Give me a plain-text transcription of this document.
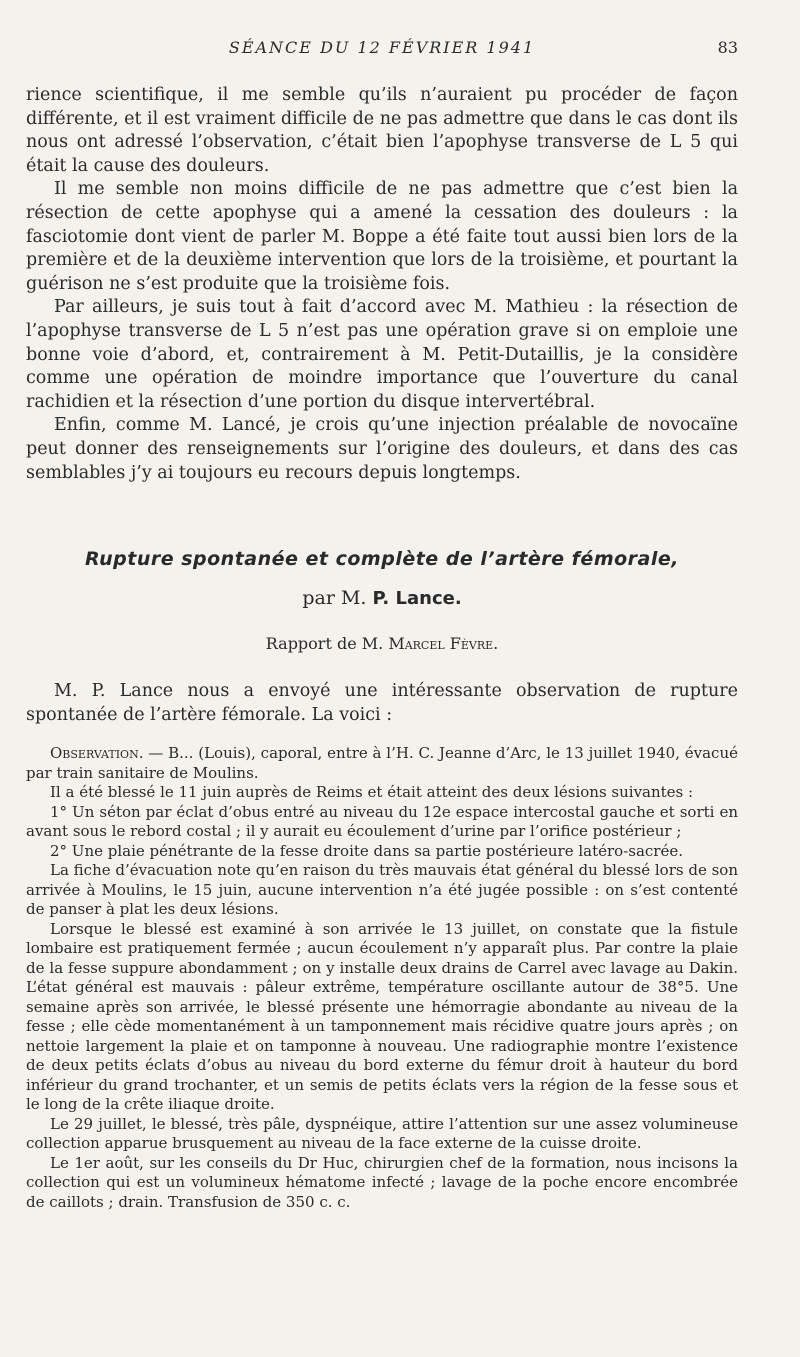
SÉANCE DU 12 FÉVRIER 1941	83

rience scientifique, il me semble qu’ils n’auraient pu procéder de façon différente, et il est vraiment difficile de ne pas admettre que dans le cas dont ils nous ont adressé l’observation, c’était bien l’apophyse transverse de L 5 qui était la cause des douleurs.

Il me semble non moins difficile de ne pas admettre que c’est bien la résection de cette apophyse qui a amené la cessation des douleurs : la fasciotomie dont vient de parler M. Boppe a été faite tout aussi bien lors de la première et de la deuxième intervention que lors de la troisième, et pourtant la guérison ne s’est produite que la troisième fois.

Par ailleurs, je suis tout à fait d’accord avec M. Mathieu : la résection de l’apophyse transverse de L 5 n’est pas une opération grave si on emploie une bonne voie d’abord, et, contrairement à M. Petit-Dutaillis, je la considère comme une opération de moindre importance que l’ouverture du canal rachidien et la résection d’une portion du disque intervertébral.

Enfin, comme M. Lancé, je crois qu’une injection préalable de novocaïne peut donner des renseignements sur l’origine des douleurs, et dans des cas semblables j’y ai toujours eu recours depuis longtemps.

Rupture spontanée et complète de l’artère fémorale,
par M. P. Lance.
Rapport de M. Marcel Fèvre.

M. P. Lance nous a envoyé une intéressante observation de rupture spontanée de l’artère fémorale. La voici :

Observation. — B... (Louis), caporal, entre à l’H. C. Jeanne d’Arc, le 13 juillet 1940, évacué par train sanitaire de Moulins.

Il a été blessé le 11 juin auprès de Reims et était atteint des deux lésions suivantes :

1° Un séton par éclat d’obus entré au niveau du 12e espace intercostal gauche et sorti en avant sous le rebord costal ; il y aurait eu écoulement d’urine par l’orifice postérieur ;

2° Une plaie pénétrante de la fesse droite dans sa partie postérieure latéro-sacrée.

La fiche d’évacuation note qu’en raison du très mauvais état général du blessé lors de son arrivée à Moulins, le 15 juin, aucune intervention n’a été jugée possible : on s’est contenté de panser à plat les deux lésions.

Lorsque le blessé est examiné à son arrivée le 13 juillet, on constate que la fistule lombaire est pratiquement fermée ; aucun écoulement n’y apparaît plus. Par contre la plaie de la fesse suppure abondamment ; on y installe deux drains de Carrel avec lavage au Dakin. L’état général est mauvais : pâleur extrême, température oscillante autour de 38°5. Une semaine après son arrivée, le blessé présente une hémorragie abondante au niveau de la fesse ; elle cède momentanément à un tamponnement mais récidive quatre jours après ; on nettoie largement la plaie et on tamponne à nouveau. Une radiographie montre l’existence de deux petits éclats d’obus au niveau du bord externe du fémur droit à hauteur du bord inférieur du grand trochanter, et un semis de petits éclats vers la région de la fesse sous et le long de la crête iliaque droite.

Le 29 juillet, le blessé, très pâle, dyspnéique, attire l’attention sur une assez volumineuse collection apparue brusquement au niveau de la face externe de la cuisse droite.

Le 1er août, sur les conseils du Dr Huc, chirurgien chef de la formation, nous incisons la collection qui est un volumineux hématome infecté ; lavage de la poche encore encombrée de caillots ; drain. Transfusion de 350 c. c.
